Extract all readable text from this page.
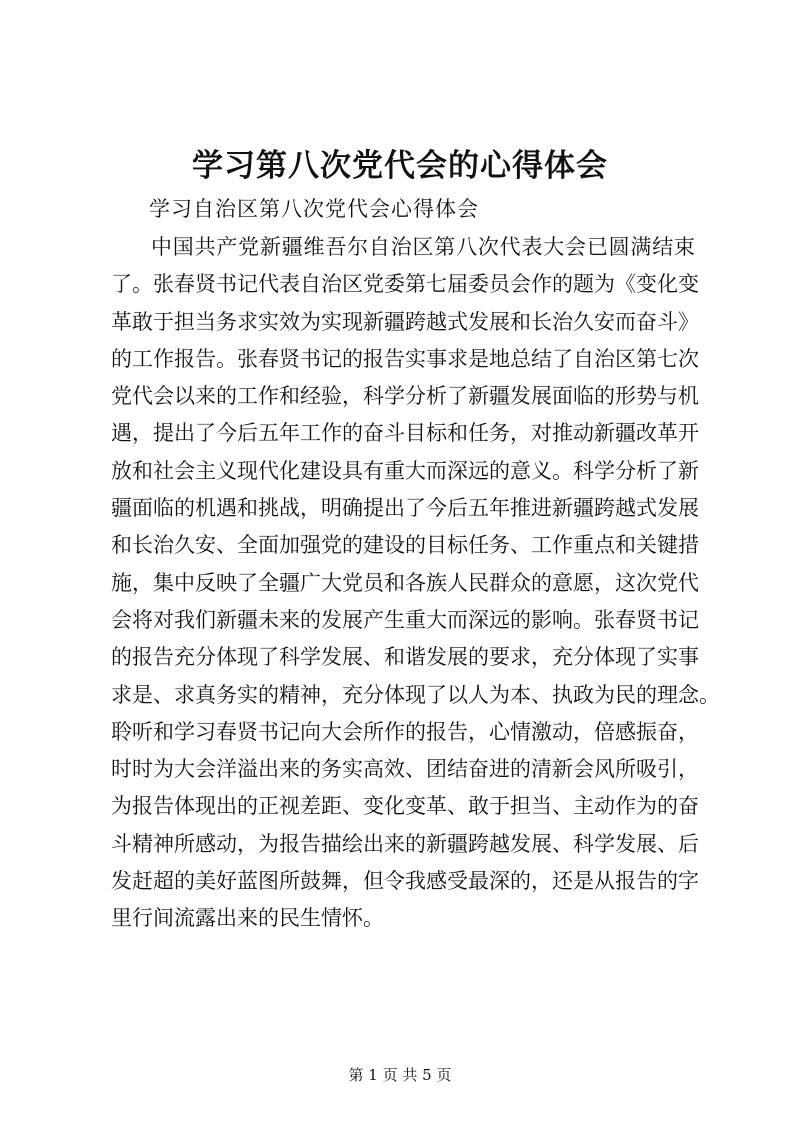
学习第八次党代会的心得体会

学习自治区第八次党代会心得体会

中国共产党新疆维吾尔自治区第八次代表大会已圆满结束
了。张春贤书记代表自治区党委第七届委员会作的题为《变化变
革敢于担当务求实效为实现新疆跨越式发展和长治久安而奋斗》
的工作报告。张春贤书记的报告实事求是地总结了自治区第七次
党代会以来的工作和经验，科学分析了新疆发展面临的形势与机
遇，提出了今后五年工作的奋斗目标和任务，对推动新疆改革开
放和社会主义现代化建设具有重大而深远的意义。科学分析了新
疆面临的机遇和挑战，明确提出了今后五年推进新疆跨越式发展
和长治久安、全面加强党的建设的目标任务、工作重点和关键措
施，集中反映了全疆广大党员和各族人民群众的意愿，这次党代
会将对我们新疆未来的发展产生重大而深远的影响。张春贤书记
的报告充分体现了科学发展、和谐发展的要求，充分体现了实事
求是、求真务实的精神，充分体现了以人为本、执政为民的理念。
聆听和学习春贤书记向大会所作的报告，心情激动，倍感振奋，
时时为大会洋溢出来的务实高效、团结奋进的清新会风所吸引，
为报告体现出的正视差距、变化变革、敢于担当、主动作为的奋
斗精神所感动，为报告描绘出来的新疆跨越发展、科学发展、后
发赶超的美好蓝图所鼓舞，但令我感受最深的，还是从报告的字
里行间流露出来的民生情怀。
第 1 页 共 5 页
